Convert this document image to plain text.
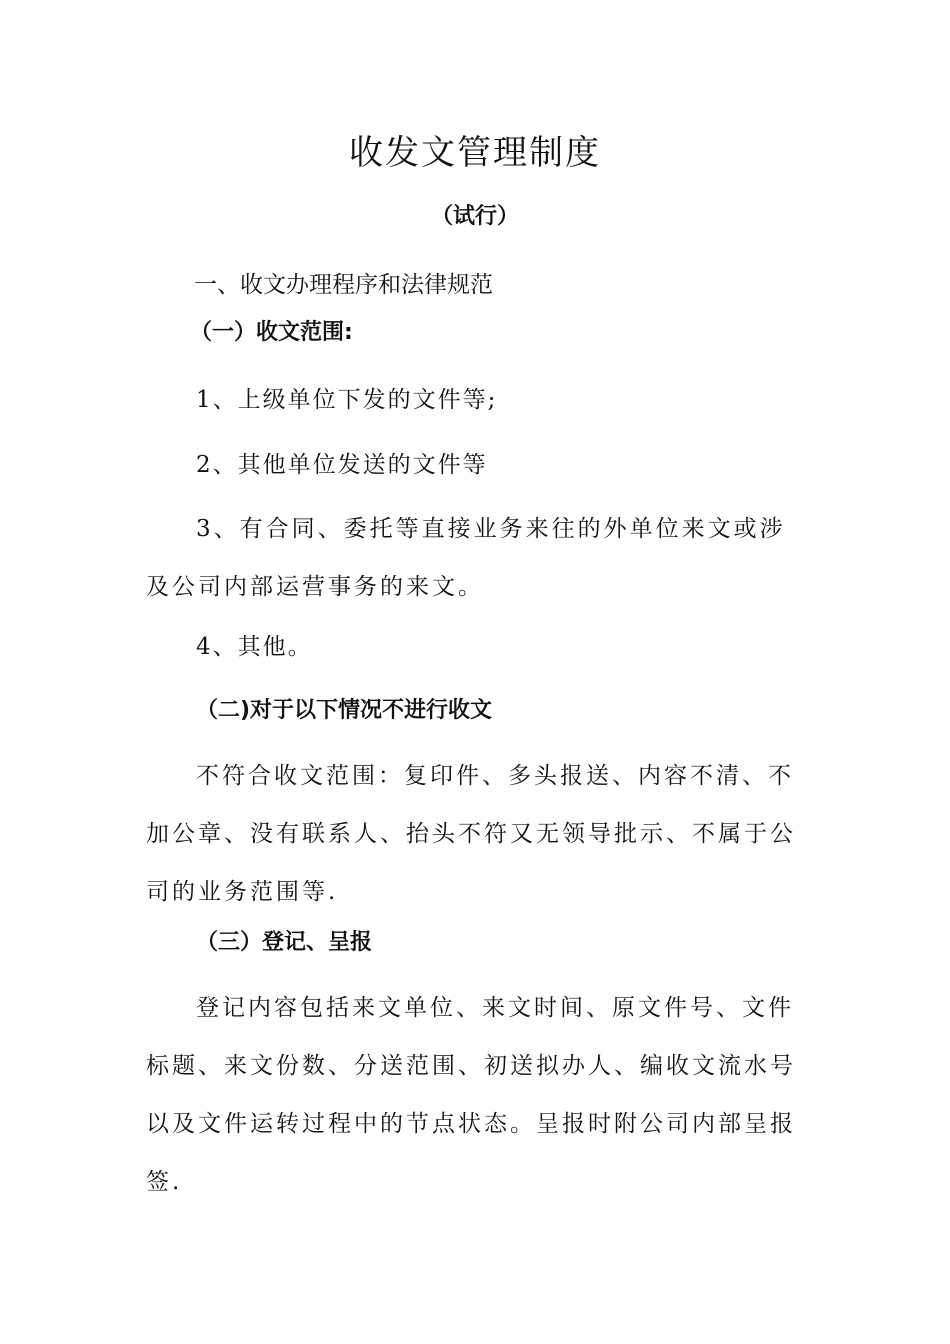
收发文管理制度
（试行）
一、收文办理程序和法律规范
（一）收文范围:
1、上级单位下发的文件等;
2、其他单位发送的文件等
3、有合同、委托等直接业务来往的外单位来文或涉及公司内部运营事务的来文。
4、其他。
（二)对于以下情况不进行收文
不符合收文范围：复印件、多头报送、内容不清、不加公章、没有联系人、抬头不符又无领导批示、不属于公司的业务范围等.
（三）登记、呈报
登记内容包括来文单位、来文时间、原文件号、文件标题、来文份数、分送范围、初送拟办人、编收文流水号以及文件运转过程中的节点状态。呈报时附公司内部呈报签.
